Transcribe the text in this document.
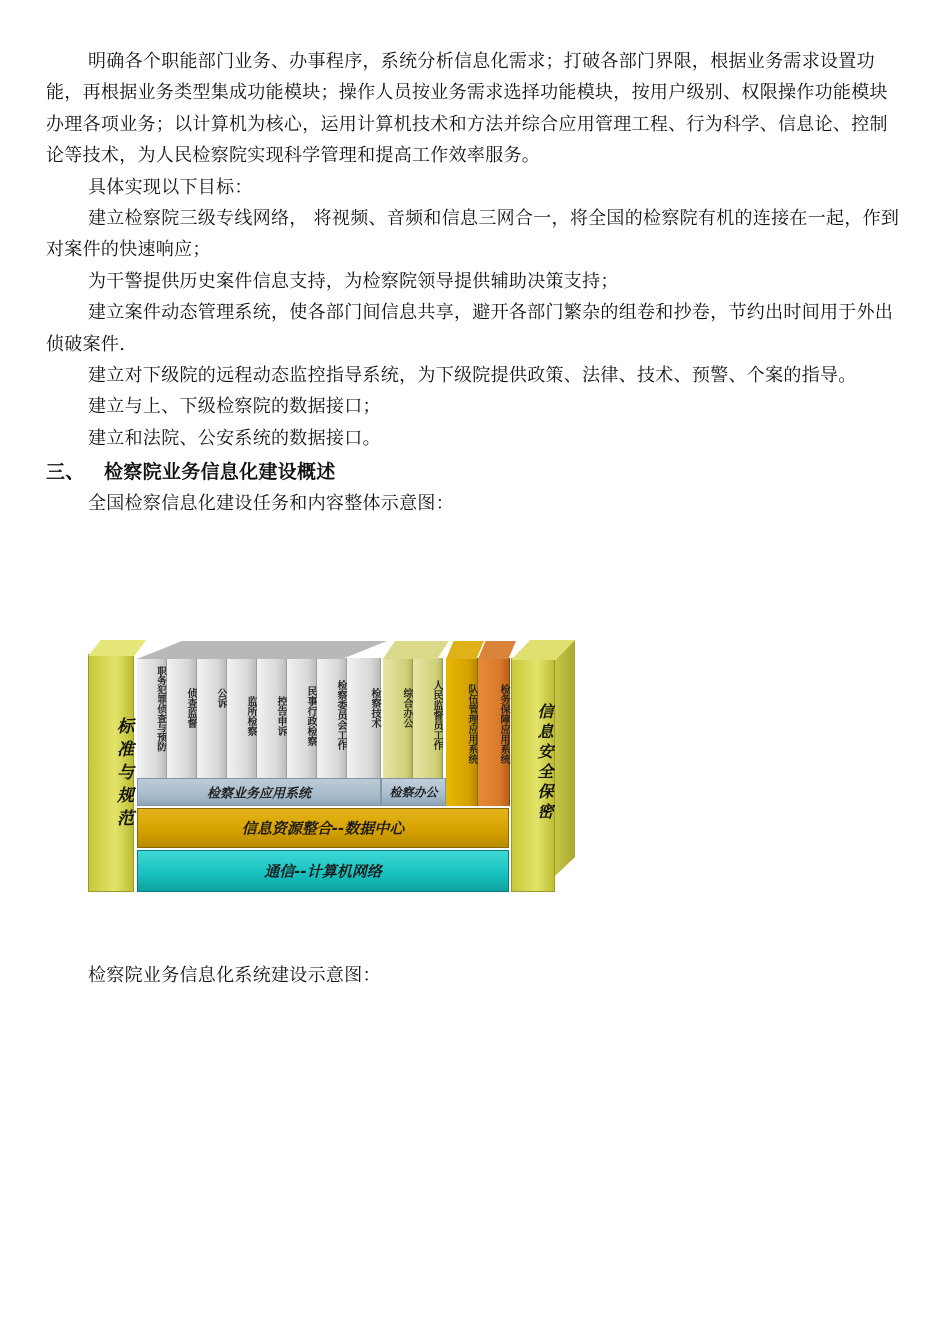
明确各个职能部门业务、办事程序，系统分析信息化需求；打破各部门界限，根据业务需求设置功能，再根据业务类型集成功能模块；操作人员按业务需求选择功能模块，按用户级别、权限操作功能模块办理各项业务；以计算机为核心，运用计算机技术和方法并综合应用管理工程、行为科学、信息论、控制论等技术，为人民检察院实现科学管理和提高工作效率服务。

具体实现以下目标：

建立检察院三级专线网络， 将视频、音频和信息三网合一，将全国的检察院有机的连接在一起，作到对案件的快速响应；

为干警提供历史案件信息支持，为检察院领导提供辅助决策支持；

建立案件动态管理系统，使各部门间信息共享，避开各部门繁杂的组卷和抄卷，节约出时间用于外出侦破案件.

建立对下级院的远程动态监控指导系统，为下级院提供政策、法律、技术、预警、个案的指导。

建立与上、下级检察院的数据接口；

建立和法院、公安系统的数据接口。

三、 检察院业务信息化建设概述

全国检察信息化建设任务和内容整体示意图：

标准与规范
职务犯罪侦查与预防	侦查监督	公诉	监所检察	控告申诉	民事行政检察	检察委员会工作	检察技术	综合办公	人民监督员工作	队伍管理应用系统	检务保障应用系统
检察业务应用系统	检察办公
信息资源整合--数据中心
通信--计算机网络
信息安全保密

检察院业务信息化系统建设示意图：
